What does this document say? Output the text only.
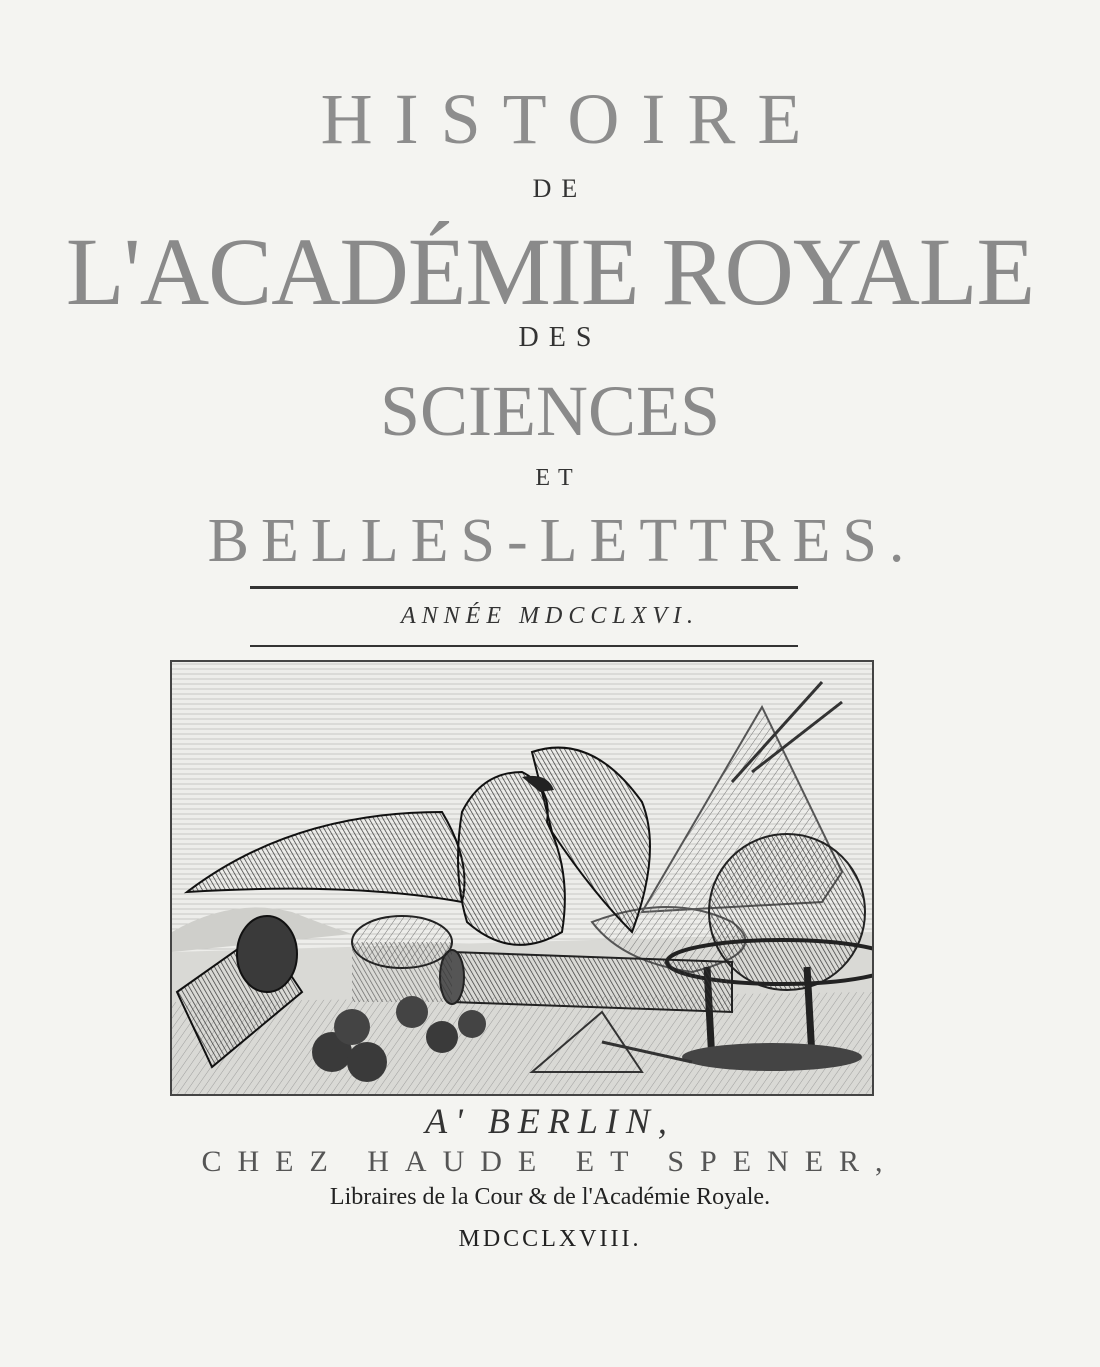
HISTOIRE
DE
L'ACADÉMIE ROYALE
DES
SCIENCES
ET
BELLES-LETTRES.
ANNÉE MDCCLXVI.
A' BERLIN,
CHEZ HAUDE ET SPENER,
Libraires de la Cour & de l'Académie Royale.
MDCCLXVIII.
